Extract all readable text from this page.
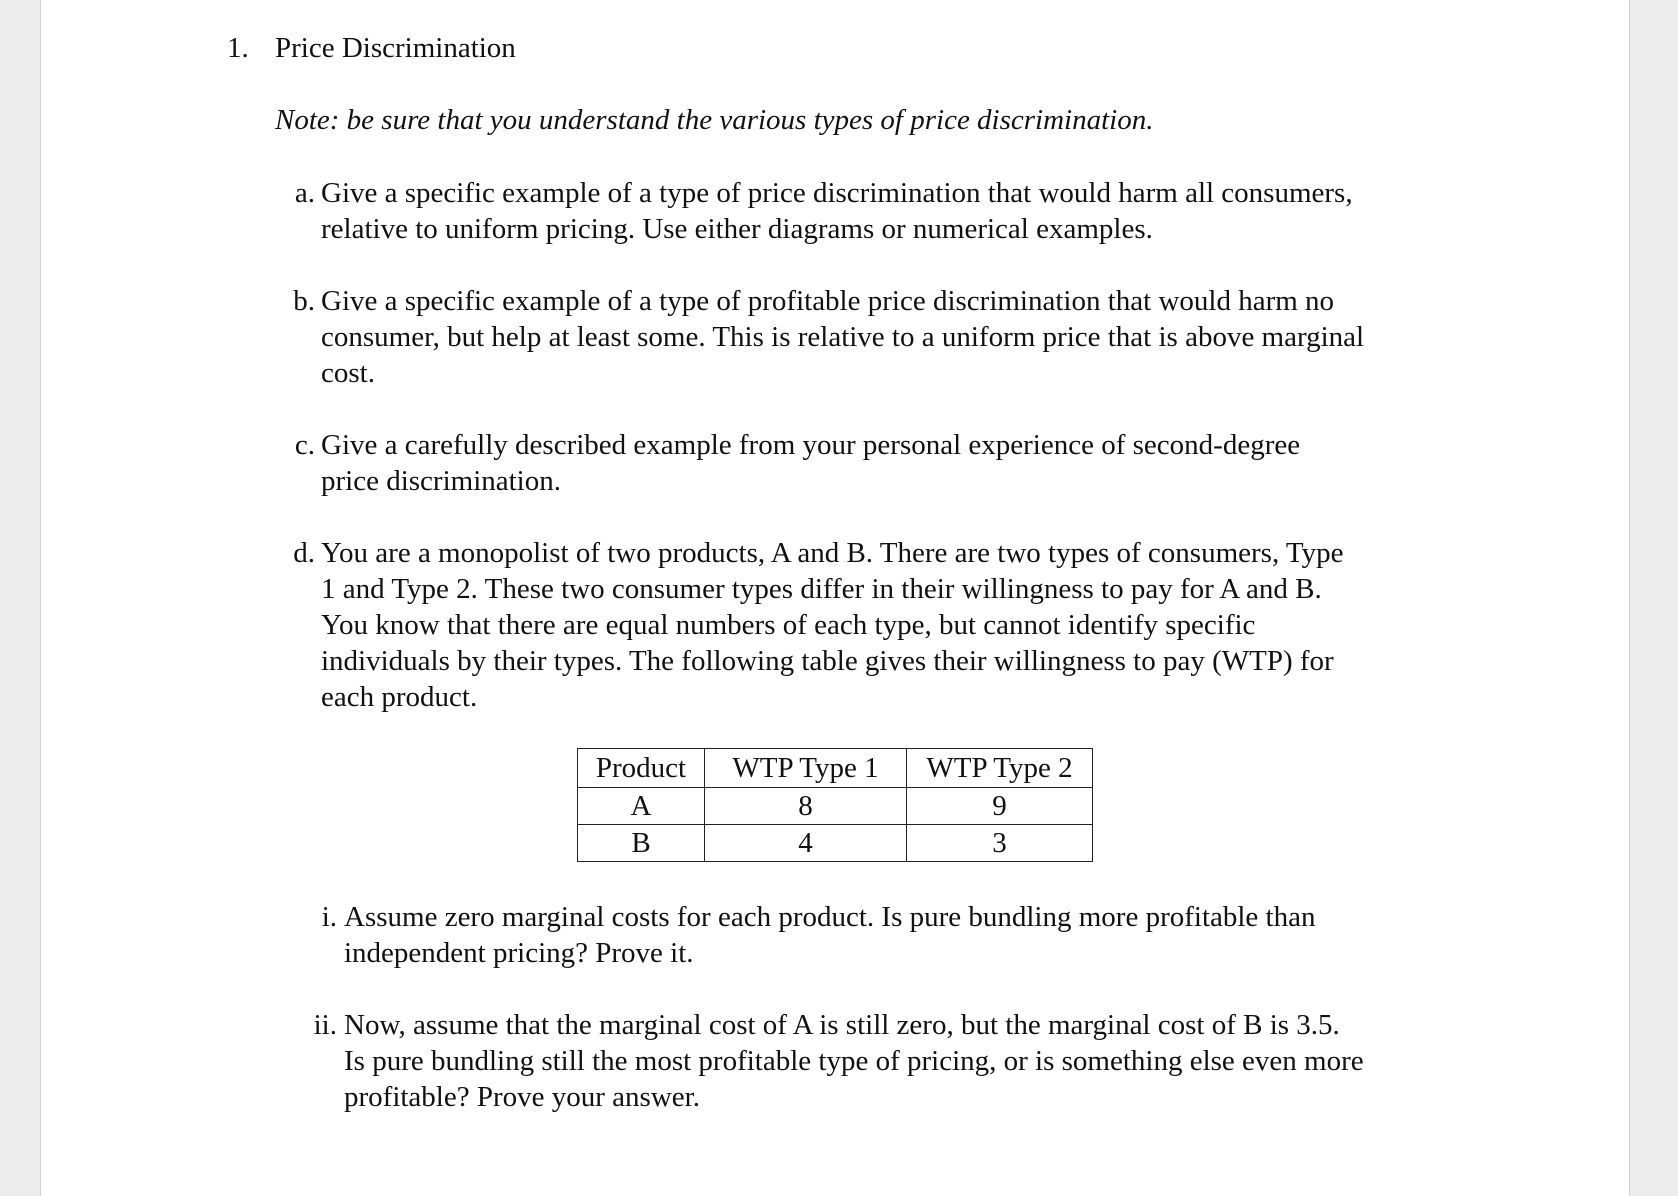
1. Price Discrimination
Note: be sure that you understand the various types of price discrimination.
a. Give a specific example of a type of price discrimination that would harm all consumers,
relative to uniform pricing. Use either diagrams or numerical examples.
b. Give a specific example of a type of profitable price discrimination that would harm no
consumer, but help at least some. This is relative to a uniform price that is above marginal
cost.
c. Give a carefully described example from your personal experience of second-degree
price discrimination.
d. You are a monopolist of two products, A and B. There are two types of consumers, Type
1 and Type 2. These two consumer types differ in their willingness to pay for A and B.
You know that there are equal numbers of each type, but cannot identify specific
individuals by their types. The following table gives their willingness to pay (WTP) for
each product.
Product	WTP Type 1	WTP Type 2
A	8	9
B	4	3
i. Assume zero marginal costs for each product. Is pure bundling more profitable than
independent pricing? Prove it.
ii. Now, assume that the marginal cost of A is still zero, but the marginal cost of B is 3.5.
Is pure bundling still the most profitable type of pricing, or is something else even more
profitable? Prove your answer.
